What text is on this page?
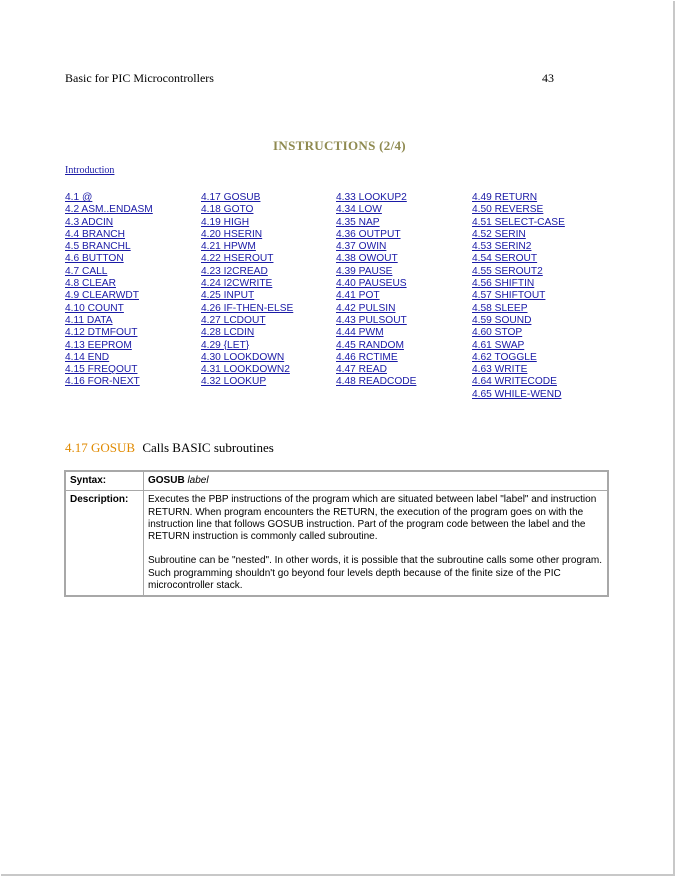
Basic for PIC Microcontrollers	43
INSTRUCTIONS (2/4)
Introduction
4.1 @
4.2 ASM..ENDASM
4.3 ADCIN
4.4 BRANCH
4.5 BRANCHL
4.6 BUTTON
4.7 CALL
4.8 CLEAR
4.9 CLEARWDT
4.10 COUNT
4.11 DATA
4.12 DTMFOUT
4.13 EEPROM
4.14 END
4.15 FREQOUT
4.16 FOR-NEXT
4.17 GOSUB
4.18 GOTO
4.19 HIGH
4.20 HSERIN
4.21 HPWM
4.22 HSEROUT
4.23 I2CREAD
4.24 I2CWRITE
4.25 INPUT
4.26 IF-THEN-ELSE
4.27 LCDOUT
4.28 LCDIN
4.29 {LET}
4.30 LOOKDOWN
4.31 LOOKDOWN2
4.32 LOOKUP
4.33 LOOKUP2
4.34 LOW
4.35 NAP
4.36 OUTPUT
4.37 OWIN
4.38 OWOUT
4.39 PAUSE
4.40 PAUSEUS
4.41 POT
4.42 PULSIN
4.43 PULSOUT
4.44 PWM
4.45 RANDOM
4.46 RCTIME
4.47 READ
4.48 READCODE
4.49 RETURN
4.50 REVERSE
4.51 SELECT-CASE
4.52 SERIN
4.53 SERIN2
4.54 SEROUT
4.55 SEROUT2
4.56 SHIFTIN
4.57 SHIFTOUT
4.58 SLEEP
4.59 SOUND
4.60 STOP
4.61 SWAP
4.62 TOGGLE
4.63 WRITE
4.64 WRITECODE
4.65 WHILE-WEND
4.17 GOSUB Calls BASIC subroutines
Syntax:	GOSUB label
Description:	Executes the PBP instructions of the program which are situated between label "label" and instruction RETURN. When program encounters the RETURN, the execution of the program goes on with the instruction line that follows GOSUB instruction. Part of the program code between the label and the RETURN instruction is commonly called subroutine.

Subroutine can be "nested". In other words, it is possible that the subroutine calls some other program. Such programming shouldn't go beyond four levels depth because of the finite size of the PIC microcontroller stack.
